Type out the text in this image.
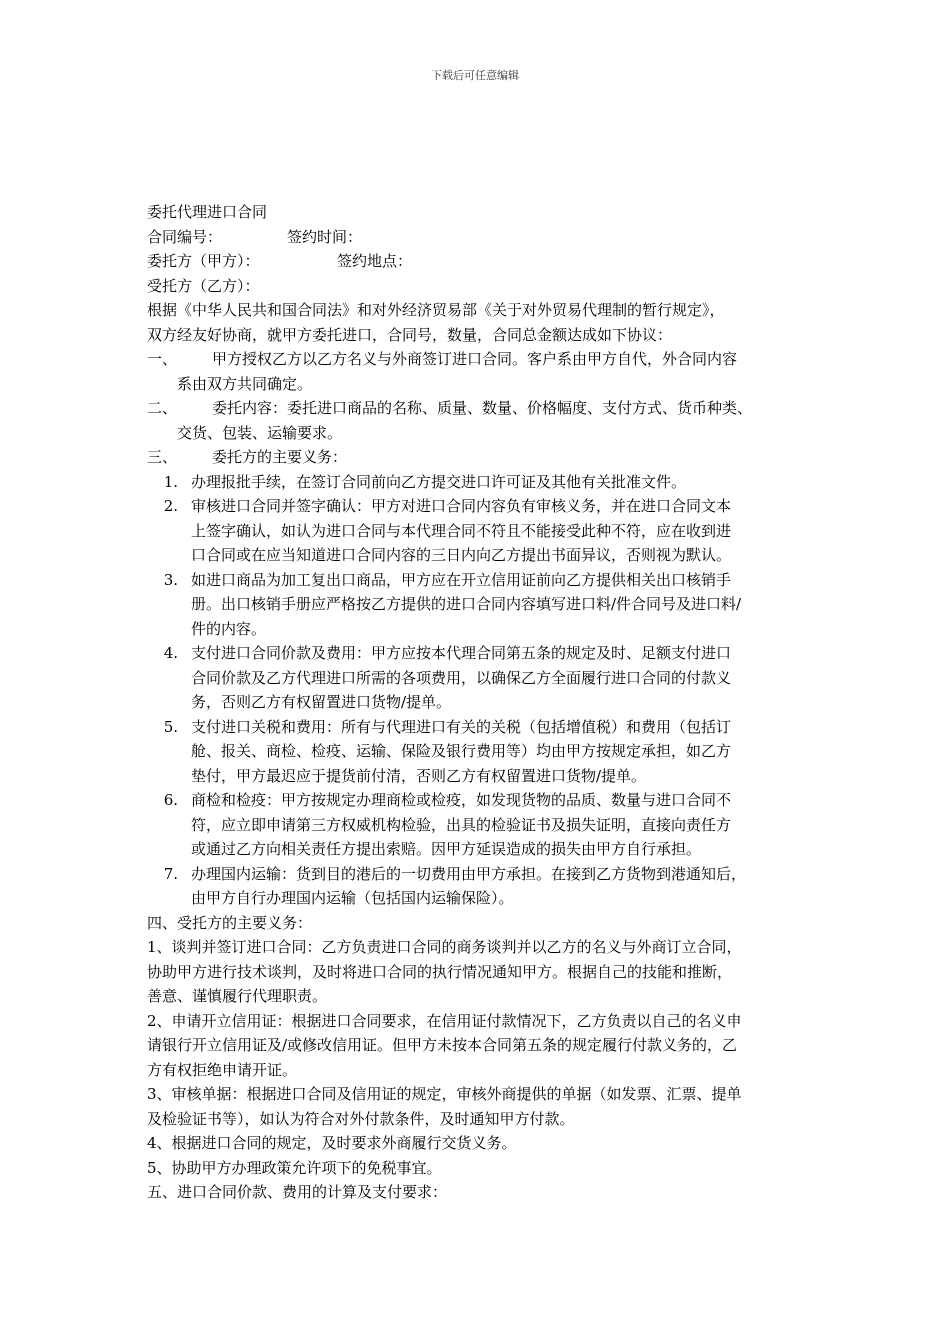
下载后可任意编辑
委托代理进口合同
合同编号：	签约时间：
委托方（甲方）：	签约地点：
受托方（乙方）：
根据《中华人民共和国合同法》和对外经济贸易部《关于对外贸易代理制的暂行规定》，
双方经友好协商，就甲方委托进口，合同号，数量，合同总金额达成如下协议：
一、	甲方授权乙方以乙方名义与外商签订进口合同。客户系由甲方自代，外合同内容
系由双方共同确定。
二、	委托内容：委托进口商品的名称、质量、数量、价格幅度、支付方式、货币种类、
交货、包装、运输要求。
三、	委托方的主要义务：
1. 办理报批手续，在签订合同前向乙方提交进口许可证及其他有关批准文件。
2. 审核进口合同并签字确认：甲方对进口合同内容负有审核义务，并在进口合同文本
上签字确认，如认为进口合同与本代理合同不符且不能接受此种不符，应在收到进
口合同或在应当知道进口合同内容的三日内向乙方提出书面异议，否则视为默认。
3. 如进口商品为加工复出口商品，甲方应在开立信用证前向乙方提供相关出口核销手
册。出口核销手册应严格按乙方提供的进口合同内容填写进口料/件合同号及进口料/
件的内容。
4. 支付进口合同价款及费用：甲方应按本代理合同第五条的规定及时、足额支付进口
合同价款及乙方代理进口所需的各项费用，以确保乙方全面履行进口合同的付款义
务，否则乙方有权留置进口货物/提单。
5. 支付进口关税和费用：所有与代理进口有关的关税（包括增值税）和费用（包括订
舱、报关、商检、检疫、运输、保险及银行费用等）均由甲方按规定承担，如乙方
垫付，甲方最迟应于提货前付清，否则乙方有权留置进口货物/提单。
6. 商检和检疫：甲方按规定办理商检或检疫，如发现货物的品质、数量与进口合同不
符，应立即申请第三方权威机构检验，出具的检验证书及损失证明，直接向责任方
或通过乙方向相关责任方提出索赔。因甲方延误造成的损失由甲方自行承担。
7. 办理国内运输：货到目的港后的一切费用由甲方承担。在接到乙方货物到港通知后，
由甲方自行办理国内运输（包括国内运输保险）。
四、受托方的主要义务：
1、谈判并签订进口合同：乙方负责进口合同的商务谈判并以乙方的名义与外商订立合同，
协助甲方进行技术谈判，及时将进口合同的执行情况通知甲方。根据自己的技能和推断，
善意、谨慎履行代理职责。
2、申请开立信用证：根据进口合同要求，在信用证付款情况下，乙方负责以自己的名义申
请银行开立信用证及/或修改信用证。但甲方未按本合同第五条的规定履行付款义务的，乙
方有权拒绝申请开证。
3、审核单据：根据进口合同及信用证的规定，审核外商提供的单据（如发票、汇票、提单
及检验证书等），如认为符合对外付款条件，及时通知甲方付款。
4、根据进口合同的规定，及时要求外商履行交货义务。
5、协助甲方办理政策允许项下的免税事宜。
五、进口合同价款、费用的计算及支付要求：
